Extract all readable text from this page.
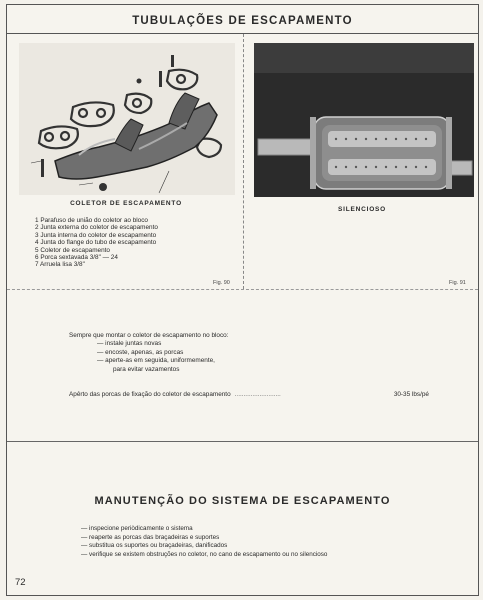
TUBULAÇÕES DE ESCAPAMENTO
COLETOR DE ESCAPAMENTO
SILENCIOSO
1 Parafuso de união do coletor ao bloco
2 Junta externa do coletor de escapamento
3 Junta interna do coletor de escapamento
4 Junta do flange do tubo de escapamento
5 Coletor de escapamento
6 Porca sextavada 3/8" — 24
7 Arruela lisa 3/8"
Fig. 90	Fig. 91
Sempre que montar o coletor de escapamento no bloco:
— instale juntas novas
— encoste, apenas, as porcas
— aperte-as em seguida, uniformemente,
para evitar vazamentos
Apêrto das porcas de fixação do coletor de escapamento ..........................	30-35 lbs/pé
MANUTENÇÃO DO SISTEMA DE ESCAPAMENTO
— inspecione periòdicamente o sistema
— reaperte as porcas das braçadeiras e suportes
— substitua os suportes ou braçadeiras, danificados
— verifique se existem obstruções no coletor, no cano de escapamento ou no silencioso
72
